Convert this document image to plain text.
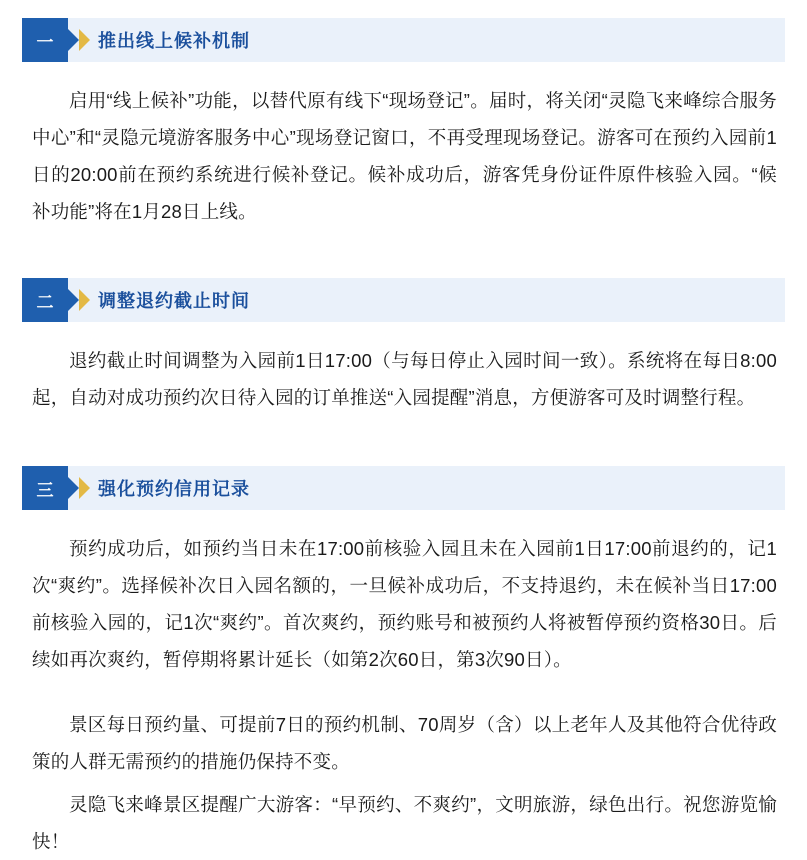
一	推出线上候补机制

启用“线上候补”功能，以替代原有线下“现场登记”。届时，将关闭“灵隐飞来峰综合服务中心”和“灵隐元境游客服务中心”现场登记窗口，不再受理现场登记。游客可在预约入园前1日的20:00前在预约系统进行候补登记。候补成功后，游客凭身份证件原件核验入园。“候补功能”将在1月28日上线。

二	调整退约截止时间

退约截止时间调整为入园前1日17:00（与每日停止入园时间一致）。系统将在每日8:00起，自动对成功预约次日待入园的订单推送“入园提醒”消息，方便游客可及时调整行程。

三	强化预约信用记录

预约成功后，如预约当日未在17:00前核验入园且未在入园前1日17:00前退约的，记1次“爽约”。选择候补次日入园名额的，一旦候补成功后，不支持退约，未在候补当日17:00前核验入园的，记1次“爽约”。首次爽约，预约账号和被预约人将被暂停预约资格30日。后续如再次爽约，暂停期将累计延长（如第2次60日，第3次90日）。

景区每日预约量、可提前7日的预约机制、70周岁（含）以上老年人及其他符合优待政策的人群无需预约的措施仍保持不变。

灵隐飞来峰景区提醒广大游客：“早预约、不爽约”，文明旅游，绿色出行。祝您游览愉快！
